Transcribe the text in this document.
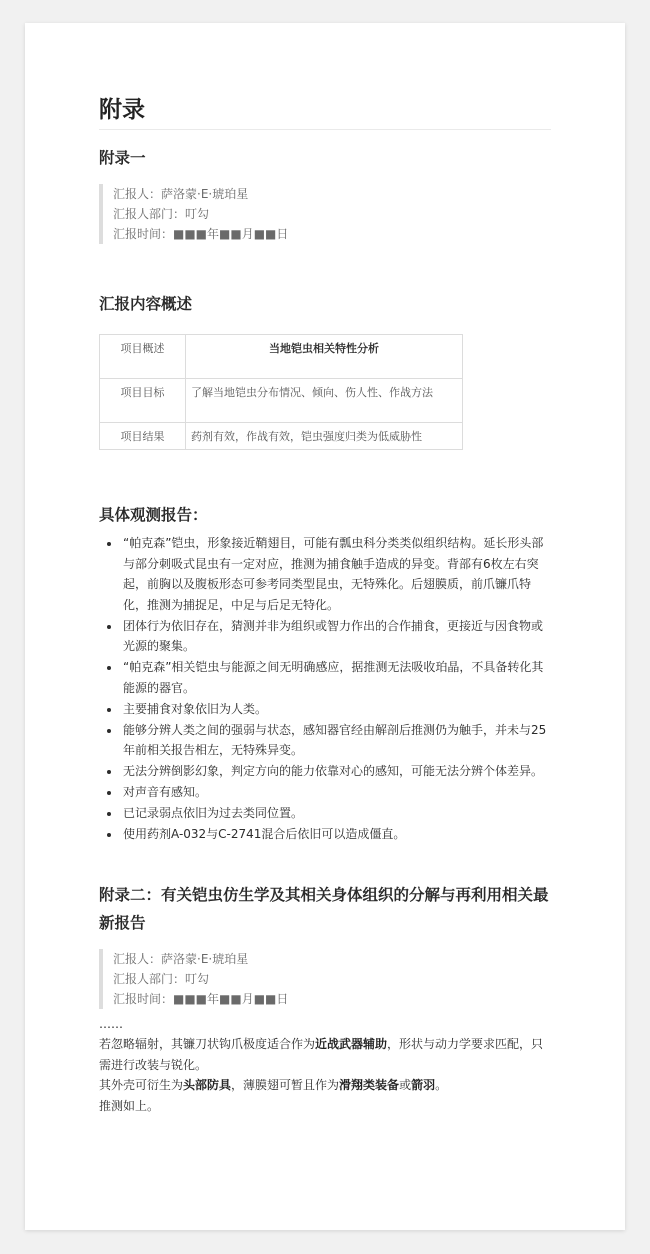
附录
附录一
汇报人：萨洛蒙·E·琥珀星
汇报人部门：叮勾
汇报时间：■■■年■■月■■日
汇报内容概述
项目概述	当地铠虫相关特性分析
项目目标	了解当地铠虫分布情况、倾向、伤人性、作战方法
项目结果	药剂有效，作战有效，铠虫强度归类为低威胁性
具体观测报告：
• “帕克森”铠虫，形象接近鞘翅目，可能有瓢虫科分类类似组织结构。延长形头部与部分刺吸式昆虫有一定对应，推测为捕食触手造成的异变。背部有6枚左右突起，前胸以及腹板形态可参考同类型昆虫，无特殊化。后翅膜质，前爪镰爪特化，推测为捕捉足，中足与后足无特化。
• 团体行为依旧存在，猜测并非为组织或智力作出的合作捕食，更接近与因食物或光源的聚集。
• “帕克森”相关铠虫与能源之间无明确感应，据推测无法吸收珀晶，不具备转化其能源的器官。
• 主要捕食对象依旧为人类。
• 能够分辨人类之间的强弱与状态，感知器官经由解剖后推测仍为触手，并未与25年前相关报告相左，无特殊异变。
• 无法分辨倒影幻象，判定方向的能力依靠对心的感知，可能无法分辨个体差异。
• 对声音有感知。
• 已记录弱点依旧为过去类同位置。
• 使用药剂A-032与C-2741混合后依旧可以造成僵直。
附录二：有关铠虫仿生学及其相关身体组织的分解与再利用相关最新报告
汇报人：萨洛蒙·E·琥珀星
汇报人部门：叮勾
汇报时间：■■■年■■月■■日

……

若忽略辐射，其镰刀状钩爪极度适合作为近战武器辅助，形状与动力学要求匹配，只需进行改装与锐化。

其外壳可衍生为头部防具，薄膜翅可暂且作为滑翔类装备或箭羽。

推测如上。
